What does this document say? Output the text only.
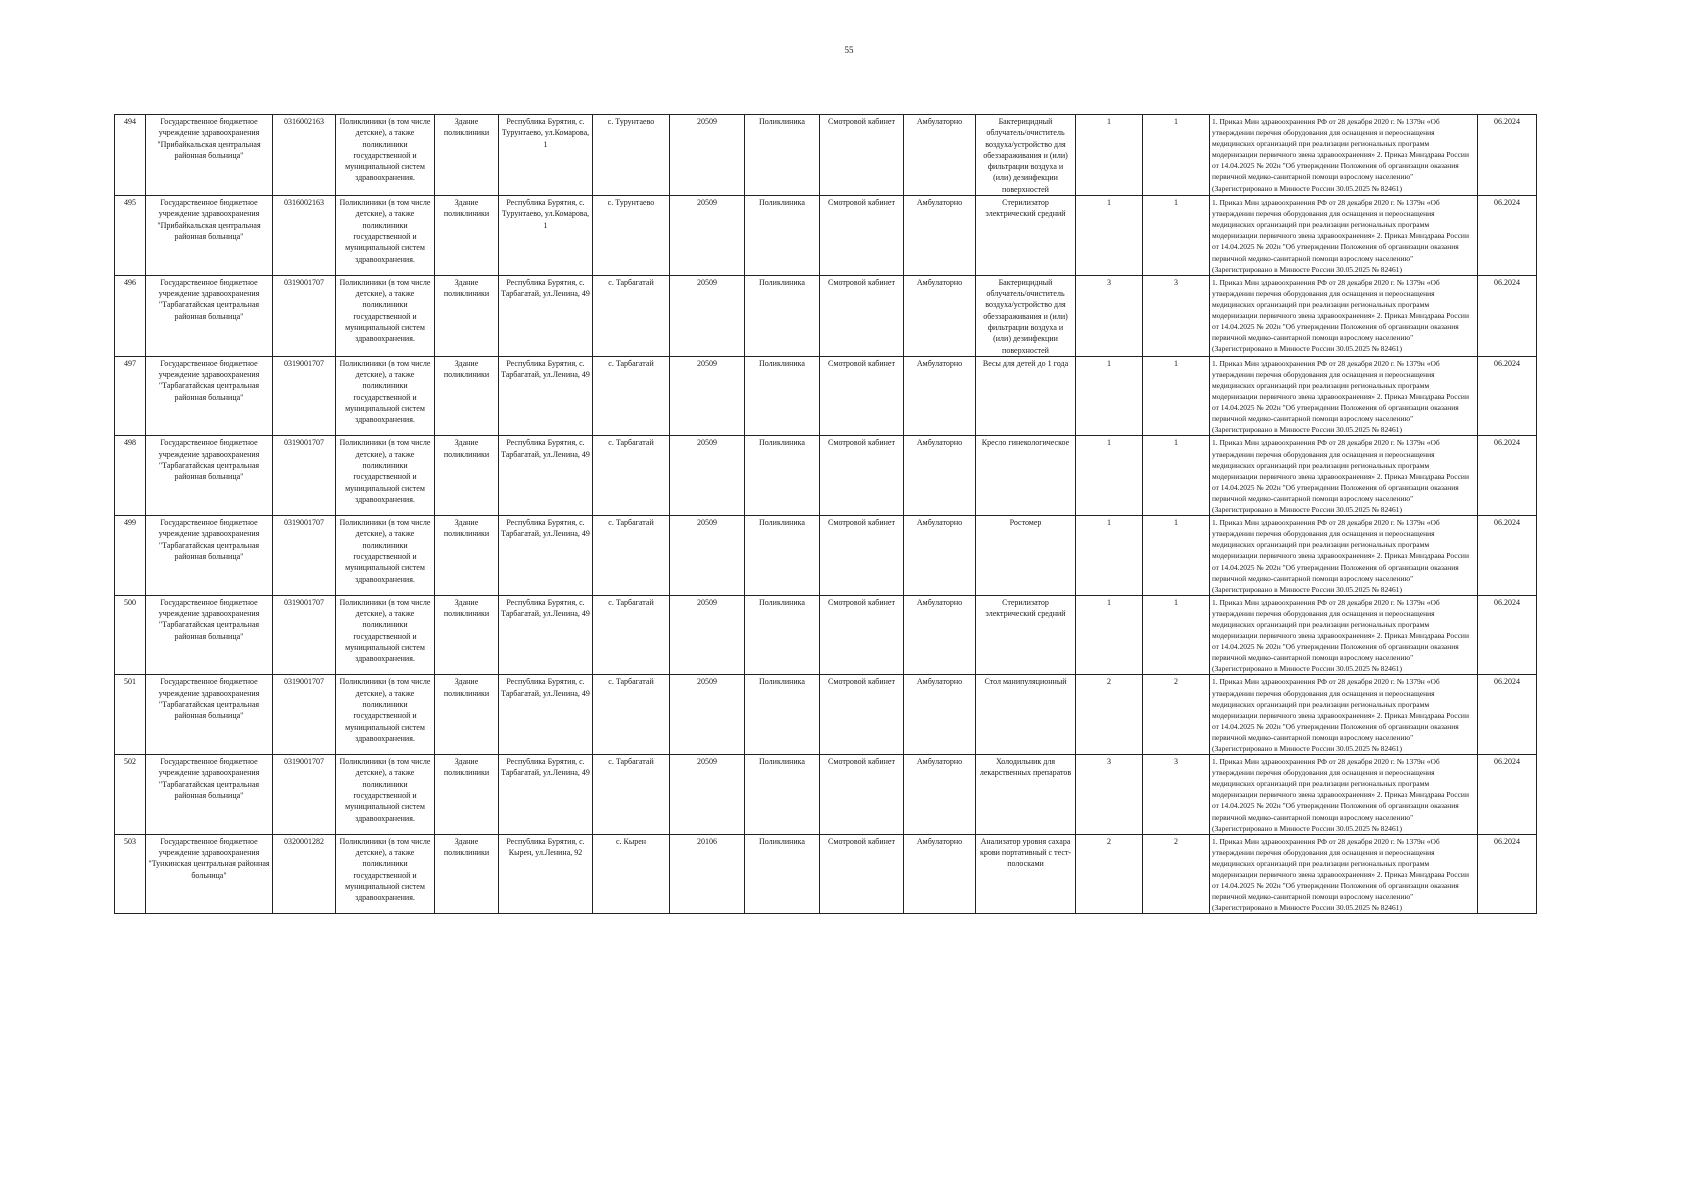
55
494	Государственное бюджетное учреждение здравоохранения "Прибайкальская центральная районная больница"	0316002163	Поликлиники (в том числе детские), а также поликлиники государственной и муниципальной систем здравоохранения.	Здание поликлиники	Республика Бурятия, с. Турунтаево, ул.Комарова, 1	с. Турунтаево	20509	Поликлиника	Смотровой кабинет	Амбулаторно	Бактерицидный облучатель/очиститель воздуха/устройство для обеззараживания и (или) фильтрации воздуха и (или) дезинфекции поверхностей	1	1	1. Приказ Мин здравоохранения РФ от 28 декабря 2020 г. № 1379н «Об утверждении перечня оборудования для оснащения и переоснащения медицинских организаций при реализации региональных программ модернизации первичного звена здравоохранения» 2. Приказ Минздрава России от 14.04.2025 № 202н "Об утверждении Положения об организации оказания первичной медико-санитарной помощи взрослому населению" (Зарегистрировано в Минюсте России 30.05.2025 № 82461)	06.2024
495	Государственное бюджетное учреждение здравоохранения "Прибайкальская центральная районная больница"	0316002163	Поликлиники (в том числе детские), а также поликлиники государственной и муниципальной систем здравоохранения.	Здание поликлиники	Республика Бурятия, с. Турунтаево, ул.Комарова, 1	с. Турунтаево	20509	Поликлиника	Смотровой кабинет	Амбулаторно	Стерилизатор электрический средний	1	1	1. Приказ Мин здравоохранения РФ от 28 декабря 2020 г. № 1379н «Об утверждении перечня оборудования для оснащения и переоснащения медицинских организаций при реализации региональных программ модернизации первичного звена здравоохранения» 2. Приказ Минздрава России от 14.04.2025 № 202н "Об утверждении Положения об организации оказания первичной медико-санитарной помощи взрослому населению" (Зарегистрировано в Минюсте России 30.05.2025 № 82461)	06.2024
496	Государственное бюджетное учреждение здравоохранения "Тарбагатайская центральная районная больница"	0319001707	Поликлиники (в том числе детские), а также поликлиники государственной и муниципальной систем здравоохранения.	Здание поликлиники	Республика Бурятия, с. Тарбагатай, ул.Ленина, 49	с. Тарбагатай	20509	Поликлиника	Смотровой кабинет	Амбулаторно	Бактерицидный облучатель/очиститель воздуха/устройство для обеззараживания и (или) фильтрации воздуха и (или) дезинфекции поверхностей	3	3	1. Приказ Мин здравоохранения РФ от 28 декабря 2020 г. № 1379н «Об утверждении перечня оборудования для оснащения и переоснащения медицинских организаций при реализации региональных программ модернизации первичного звена здравоохранения» 2. Приказ Минздрава России от 14.04.2025 № 202н "Об утверждении Положения об организации оказания первичной медико-санитарной помощи взрослому населению" (Зарегистрировано в Минюсте России 30.05.2025 № 82461)	06.2024
497	Государственное бюджетное учреждение здравоохранения "Тарбагатайская центральная районная больница"	0319001707	Поликлиники (в том числе детские), а также поликлиники государственной и муниципальной систем здравоохранения.	Здание поликлиники	Республика Бурятия, с. Тарбагатай, ул.Ленина, 49	с. Тарбагатай	20509	Поликлиника	Смотровой кабинет	Амбулаторно	Весы для детей до 1 года	1	1	1. Приказ Мин здравоохранения РФ от 28 декабря 2020 г. № 1379н «Об утверждении перечня оборудования для оснащения и переоснащения медицинских организаций при реализации региональных программ модернизации первичного звена здравоохранения» 2. Приказ Минздрава России от 14.04.2025 № 202н "Об утверждении Положения об организации оказания первичной медико-санитарной помощи взрослому населению" (Зарегистрировано в Минюсте России 30.05.2025 № 82461)	06.2024
498	Государственное бюджетное учреждение здравоохранения "Тарбагатайская центральная районная больница"	0319001707	Поликлиники (в том числе детские), а также поликлиники государственной и муниципальной систем здравоохранения.	Здание поликлиники	Республика Бурятия, с. Тарбагатай, ул.Ленина, 49	с. Тарбагатай	20509	Поликлиника	Смотровой кабинет	Амбулаторно	Кресло гинекологическое	1	1	1. Приказ Мин здравоохранения РФ от 28 декабря 2020 г. № 1379н «Об утверждении перечня оборудования для оснащения и переоснащения медицинских организаций при реализации региональных программ модернизации первичного звена здравоохранения» 2. Приказ Минздрава России от 14.04.2025 № 202н "Об утверждении Положения об организации оказания первичной медико-санитарной помощи взрослому населению" (Зарегистрировано в Минюсте России 30.05.2025 № 82461)	06.2024
499	Государственное бюджетное учреждение здравоохранения "Тарбагатайская центральная районная больница"	0319001707	Поликлиники (в том числе детские), а также поликлиники государственной и муниципальной систем здравоохранения.	Здание поликлиники	Республика Бурятия, с. Тарбагатай, ул.Ленина, 49	с. Тарбагатай	20509	Поликлиника	Смотровой кабинет	Амбулаторно	Ростомер	1	1	1. Приказ Мин здравоохранения РФ от 28 декабря 2020 г. № 1379н «Об утверждении перечня оборудования для оснащения и переоснащения медицинских организаций при реализации региональных программ модернизации первичного звена здравоохранения» 2. Приказ Минздрава России от 14.04.2025 № 202н "Об утверждении Положения об организации оказания первичной медико-санитарной помощи взрослому населению" (Зарегистрировано в Минюсте России 30.05.2025 № 82461)	06.2024
500	Государственное бюджетное учреждение здравоохранения "Тарбагатайская центральная районная больница"	0319001707	Поликлиники (в том числе детские), а также поликлиники государственной и муниципальной систем здравоохранения.	Здание поликлиники	Республика Бурятия, с. Тарбагатай, ул.Ленина, 49	с. Тарбагатай	20509	Поликлиника	Смотровой кабинет	Амбулаторно	Стерилизатор электрический средний	1	1	1. Приказ Мин здравоохранения РФ от 28 декабря 2020 г. № 1379н «Об утверждении перечня оборудования для оснащения и переоснащения медицинских организаций при реализации региональных программ модернизации первичного звена здравоохранения» 2. Приказ Минздрава России от 14.04.2025 № 202н "Об утверждении Положения об организации оказания первичной медико-санитарной помощи взрослому населению" (Зарегистрировано в Минюсте России 30.05.2025 № 82461)	06.2024
501	Государственное бюджетное учреждение здравоохранения "Тарбагатайская центральная районная больница"	0319001707	Поликлиники (в том числе детские), а также поликлиники государственной и муниципальной систем здравоохранения.	Здание поликлиники	Республика Бурятия, с. Тарбагатай, ул.Ленина, 49	с. Тарбагатай	20509	Поликлиника	Смотровой кабинет	Амбулаторно	Стол манипуляционный	2	2	1. Приказ Мин здравоохранения РФ от 28 декабря 2020 г. № 1379н «Об утверждении перечня оборудования для оснащения и переоснащения медицинских организаций при реализации региональных программ модернизации первичного звена здравоохранения» 2. Приказ Минздрава России от 14.04.2025 № 202н "Об утверждении Положения об организации оказания первичной медико-санитарной помощи взрослому населению" (Зарегистрировано в Минюсте России 30.05.2025 № 82461)	06.2024
502	Государственное бюджетное учреждение здравоохранения "Тарбагатайская центральная районная больница"	0319001707	Поликлиники (в том числе детские), а также поликлиники государственной и муниципальной систем здравоохранения.	Здание поликлиники	Республика Бурятия, с. Тарбагатай, ул.Ленина, 49	с. Тарбагатай	20509	Поликлиника	Смотровой кабинет	Амбулаторно	Холодильник для лекарственных препаратов	3	3	1. Приказ Мин здравоохранения РФ от 28 декабря 2020 г. № 1379н «Об утверждении перечня оборудования для оснащения и переоснащения медицинских организаций при реализации региональных программ модернизации первичного звена здравоохранения» 2. Приказ Минздрава России от 14.04.2025 № 202н "Об утверждении Положения об организации оказания первичной медико-санитарной помощи взрослому населению" (Зарегистрировано в Минюсте России 30.05.2025 № 82461)	06.2024
503	Государственное бюджетное учреждение здравоохранения "Тункинская центральная районная больница"	0320001282	Поликлиники (в том числе детские), а также поликлиники государственной и муниципальной систем здравоохранения.	Здание поликлиники	Республика Бурятия, с. Кырен, ул.Ленина, 92	с. Кырен	20106	Поликлиника	Смотровой кабинет	Амбулаторно	Анализатор уровня сахара крови портативный с тест-полосками	2	2	1. Приказ Мин здравоохранения РФ от 28 декабря 2020 г. № 1379н «Об утверждении перечня оборудования для оснащения и переоснащения медицинских организаций при реализации региональных программ модернизации первичного звена здравоохранения» 2. Приказ Минздрава России от 14.04.2025 № 202н "Об утверждении Положения об организации оказания первичной медико-санитарной помощи взрослому населению" (Зарегистрировано в Минюсте России 30.05.2025 № 82461)	06.2024
